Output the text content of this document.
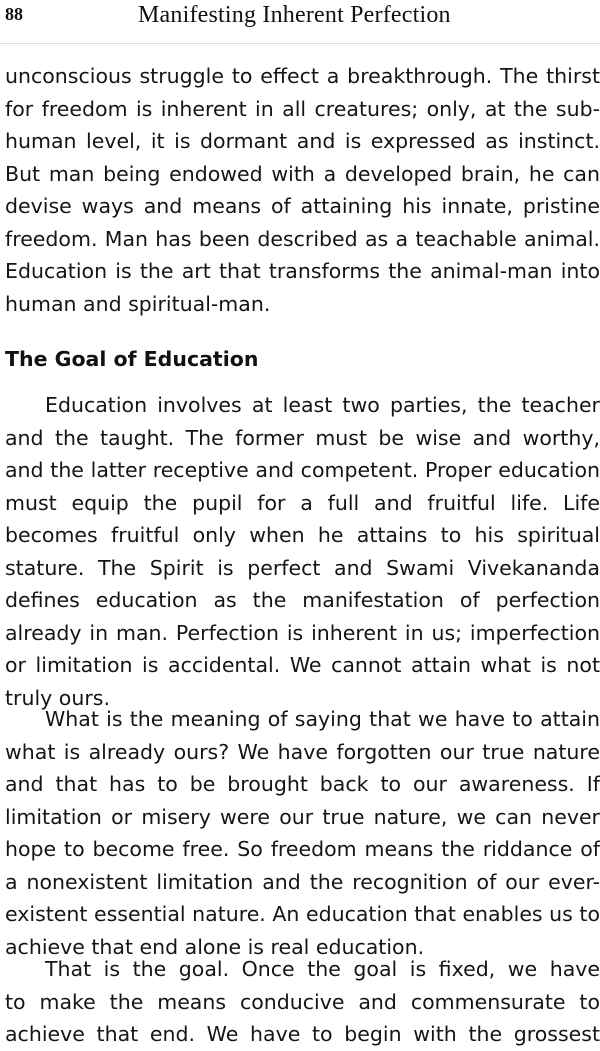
88	Manifesting Inherent Perfection
unconscious struggle to effect a breakthrough. The thirst
for freedom is inherent in all creatures; only, at the sub-
human level, it is dormant and is expressed as instinct.
But man being endowed with a developed brain, he can
devise ways and means of attaining his innate, pristine
freedom. Man has been described as a teachable animal.
Education is the art that transforms the animal-man into
human and spiritual-man.
The Goal of Education
Education involves at least two parties, the teacher
and the taught. The former must be wise and worthy,
and the latter receptive and competent. Proper education
must equip the pupil for a full and fruitful life. Life
becomes fruitful only when he attains to his spiritual
stature. The Spirit is perfect and Swami Vivekananda
defines education as the manifestation of perfection
already in man. Perfection is inherent in us; imperfection
or limitation is accidental. We cannot attain what is not
truly ours.
What is the meaning of saying that we have to attain
what is already ours? We have forgotten our true nature
and that has to be brought back to our awareness. If
limitation or misery were our true nature, we can never
hope to become free. So freedom means the riddance of
a nonexistent limitation and the recognition of our ever-
existent essential nature. An education that enables us to
achieve that end alone is real education.
That is the goal. Once the goal is fixed, we have
to make the means conducive and commensurate to
achieve that end. We have to begin with the grossest
